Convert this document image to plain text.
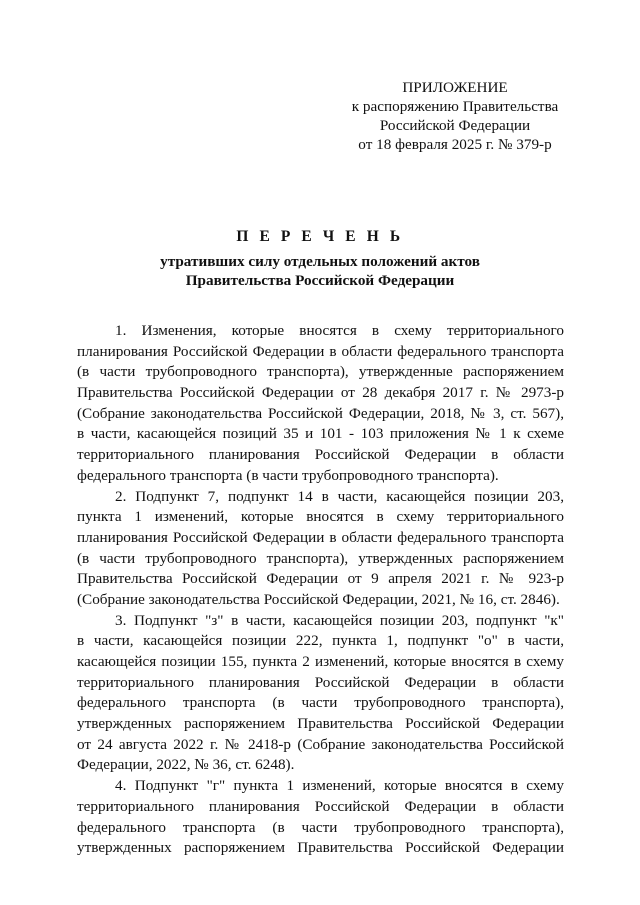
ПРИЛОЖЕНИЕ
к распоряжению Правительства
Российской Федерации
от 18 февраля 2025 г. № 379-р
П Е Р Е Ч Е Н Ь
утративших силу отдельных положений актов
Правительства Российской Федерации
1. Изменения, которые вносятся в схему территориального
планирования Российской Федерации в области федерального транспорта
(в части трубопроводного транспорта), утвержденные распоряжением
Правительства Российской Федерации от 28 декабря 2017 г. № 2973-р
(Собрание законодательства Российской Федерации, 2018, № 3, ст. 567),
в части, касающейся позиций 35 и 101 - 103 приложения № 1 к схеме
территориального планирования Российской Федерации в области
федерального транспорта (в части трубопроводного транспорта).
2. Подпункт 7, подпункт 14 в части, касающейся позиции 203,
пункта 1 изменений, которые вносятся в схему территориального
планирования Российской Федерации в области федерального транспорта
(в части трубопроводного транспорта), утвержденных распоряжением
Правительства Российской Федерации от 9 апреля 2021 г. № 923-р
(Собрание законодательства Российской Федерации, 2021, № 16, ст. 2846).
3. Подпункт "з" в части, касающейся позиции 203, подпункт "к"
в части, касающейся позиции 222, пункта 1, подпункт "о" в части,
касающейся позиции 155, пункта 2 изменений, которые вносятся в схему
территориального планирования Российской Федерации в области
федерального транспорта (в части трубопроводного транспорта),
утвержденных распоряжением Правительства Российской Федерации
от 24 августа 2022 г. № 2418-р (Собрание законодательства Российской
Федерации, 2022, № 36, ст. 6248).
4. Подпункт "г" пункта 1 изменений, которые вносятся в схему
территориального планирования Российской Федерации в области
федерального транспорта (в части трубопроводного транспорта),
утвержденных распоряжением Правительства Российской Федерации
